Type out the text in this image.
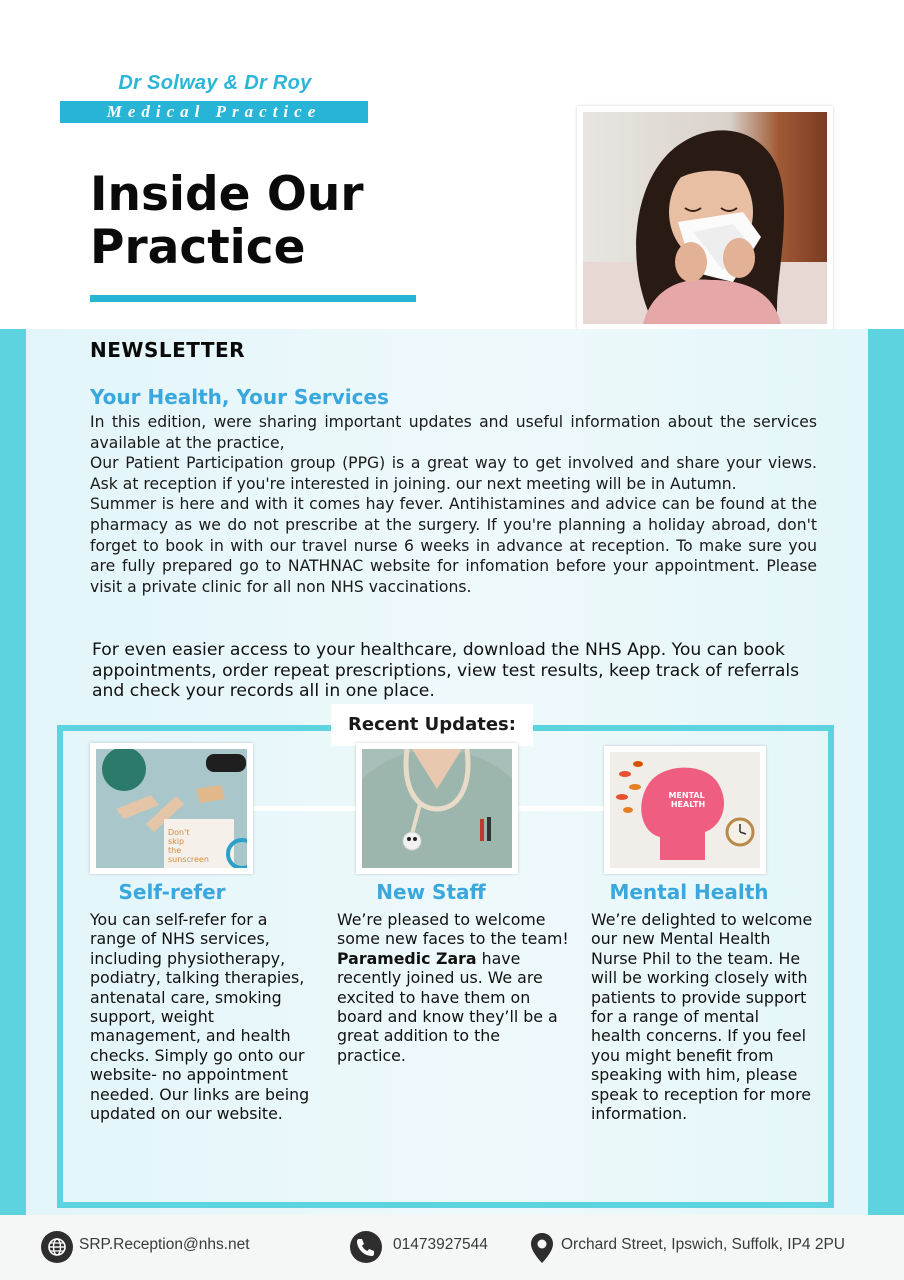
Dr Solway & Dr Roy
Medical Practice
Inside Our
Practice
NEWSLETTER
Your Health, Your Services

In this edition, were sharing important updates and useful information about the services available at the practice,

Our Patient Participation group (PPG) is a great way to get involved and share your views. Ask at reception if you're interested in joining. our next meeting will be in Autumn.

Summer is here and with it comes hay fever. Antihistamines and advice can be found at the pharmacy as we do not prescribe at the surgery. If you're planning a holiday abroad, don't forget to book in with our travel nurse 6 weeks in advance at reception. To make sure you are fully prepared go to NATHNAC website for infomation before your appointment. Please visit a private clinic for all non NHS vaccinations.

For even easier access to your healthcare, download the NHS App. You can book appointments, order repeat prescriptions, view test results, keep track of referrals and check your records all in one place.
Recent Updates:
Don't skip the sunscreen
MENTAL HEALTH
Self-refer	New Staff	Mental Health
You can self-refer for a range of NHS services, including physiotherapy, podiatry, talking therapies, antenatal care, smoking support, weight management, and health checks. Simply go onto our website- no appointment needed. Our links are being updated on our website.
We’re pleased to welcome some new faces to the team! Paramedic Zara have recently joined us. We are excited to have them on board and know they’ll be a great addition to the practice.
We’re delighted to welcome our new Mental Health Nurse Phil to the team. He will be working closely with patients to provide support for a range of mental health concerns. If you feel you might benefit from speaking with him, please speak to reception for more information.
SRP.Reception@nhs.net	01473927544	Orchard Street, Ipswich, Suffolk, IP4 2PU
